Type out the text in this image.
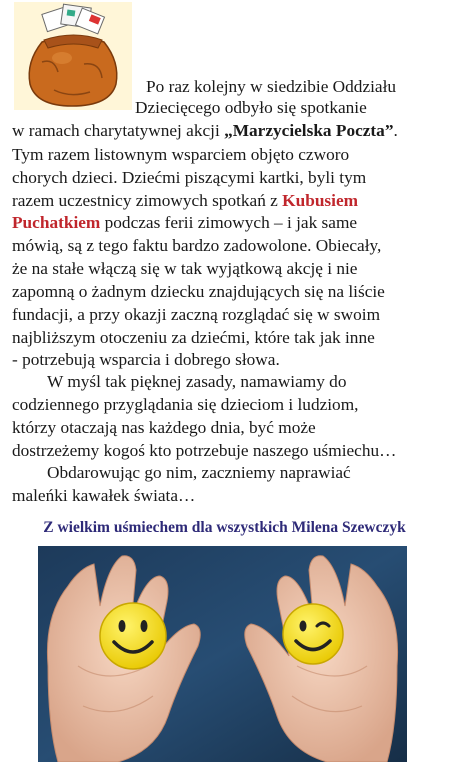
Po raz kolejny w siedzibie Oddziału
Dziecięcego odbyło się spotkanie
w ramach charytatywnej akcji „Marzycielska Poczta”.
Tym razem listownym wsparciem objęto czworo
chorych dzieci. Dziećmi piszącymi kartki, byli tym
razem uczestnicy zimowych spotkań z Kubusiem
Puchatkiem podczas ferii zimowych – i jak same
mówią, są z tego faktu bardzo zadowolone. Obiecały,
że na stałe włączą się w tak wyjątkową akcję i nie
zapomną o żadnym dziecku znajdujących się na liście
fundacji, a przy okazji zaczną rozglądać się w swoim
najbliższym otoczeniu za dziećmi, które tak jak inne
- potrzebują wsparcia i dobrego słowa.
W myśl tak pięknej zasady, namawiamy do
codziennego przyglądania się dzieciom i ludziom,
którzy otaczają nas każdego dnia, być może
dostrzeżemy kogoś kto potrzebuje naszego uśmiechu…
Obdarowując go nim, zaczniemy naprawiać
maleńki kawałek świata…
Z wielkim uśmiechem dla wszystkich Milena Szewczyk
